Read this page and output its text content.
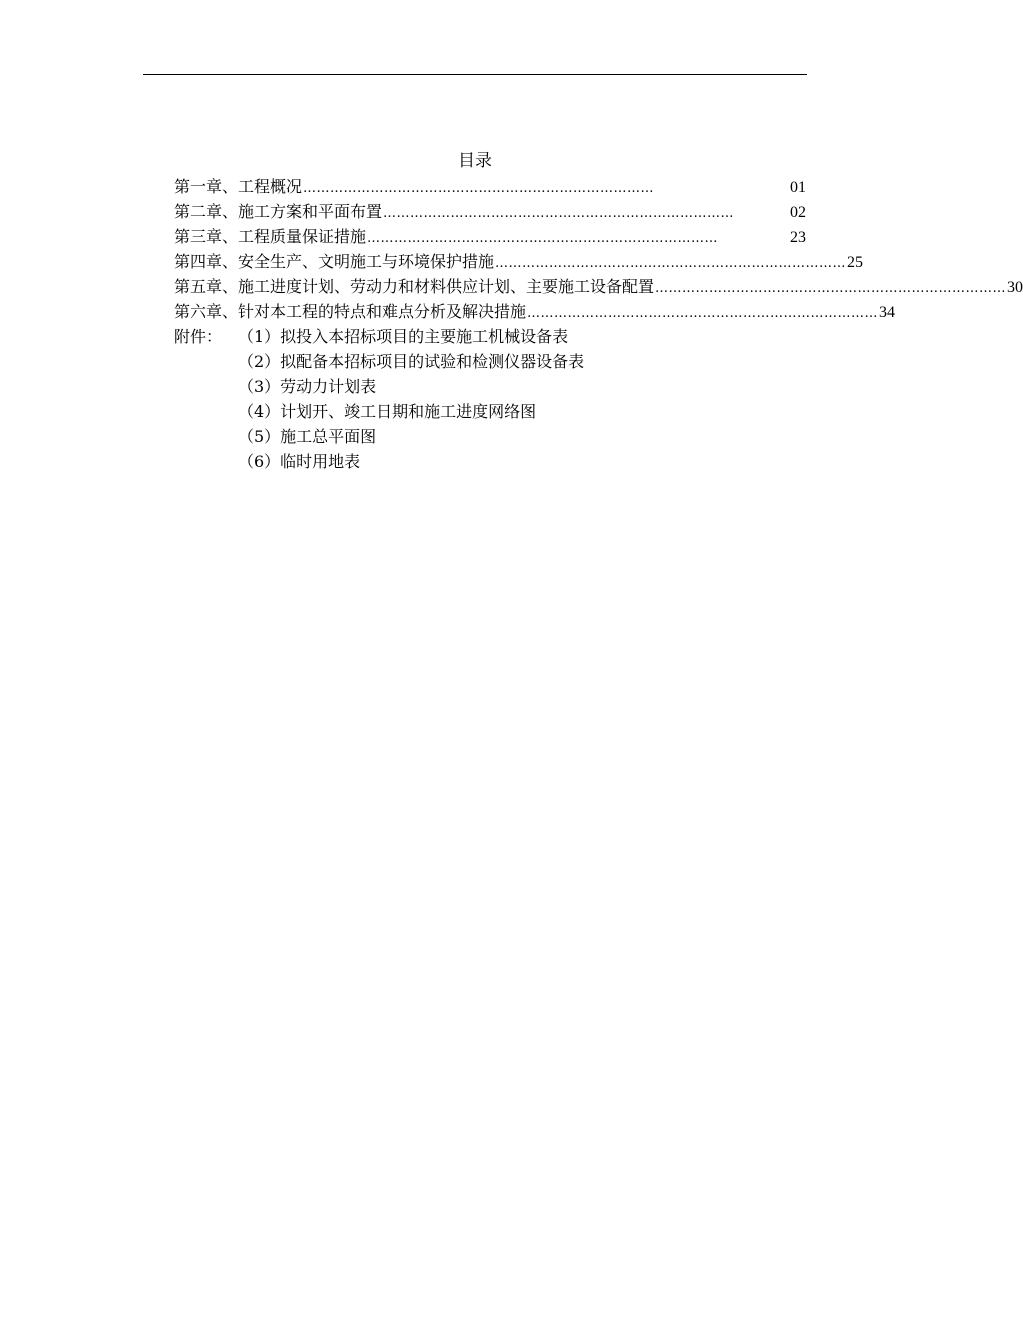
目录
第一章、工程概况 ……………………………………………………………………	01
第二章、施工方案和平面布置 ……………………………………………………………………	02
第三章、工程质量保证措施 ……………………………………………………………………	23
第四章、安全生产、文明施工与环境保护措施 …………………………………………………………………… 25
第五章、施工进度计划、劳动力和材料供应计划、主要施工设备配置 …………………………………………………………………… 30
第六章、针对本工程的特点和难点分析及解决措施 …………………………………………………………………… 34
附件： （1）拟投入本招标项目的主要施工机械设备表
（2）拟配备本招标项目的试验和检测仪器设备表
（3）劳动力计划表
（4）计划开、竣工日期和施工进度网络图
（5）施工总平面图
（6）临时用地表
